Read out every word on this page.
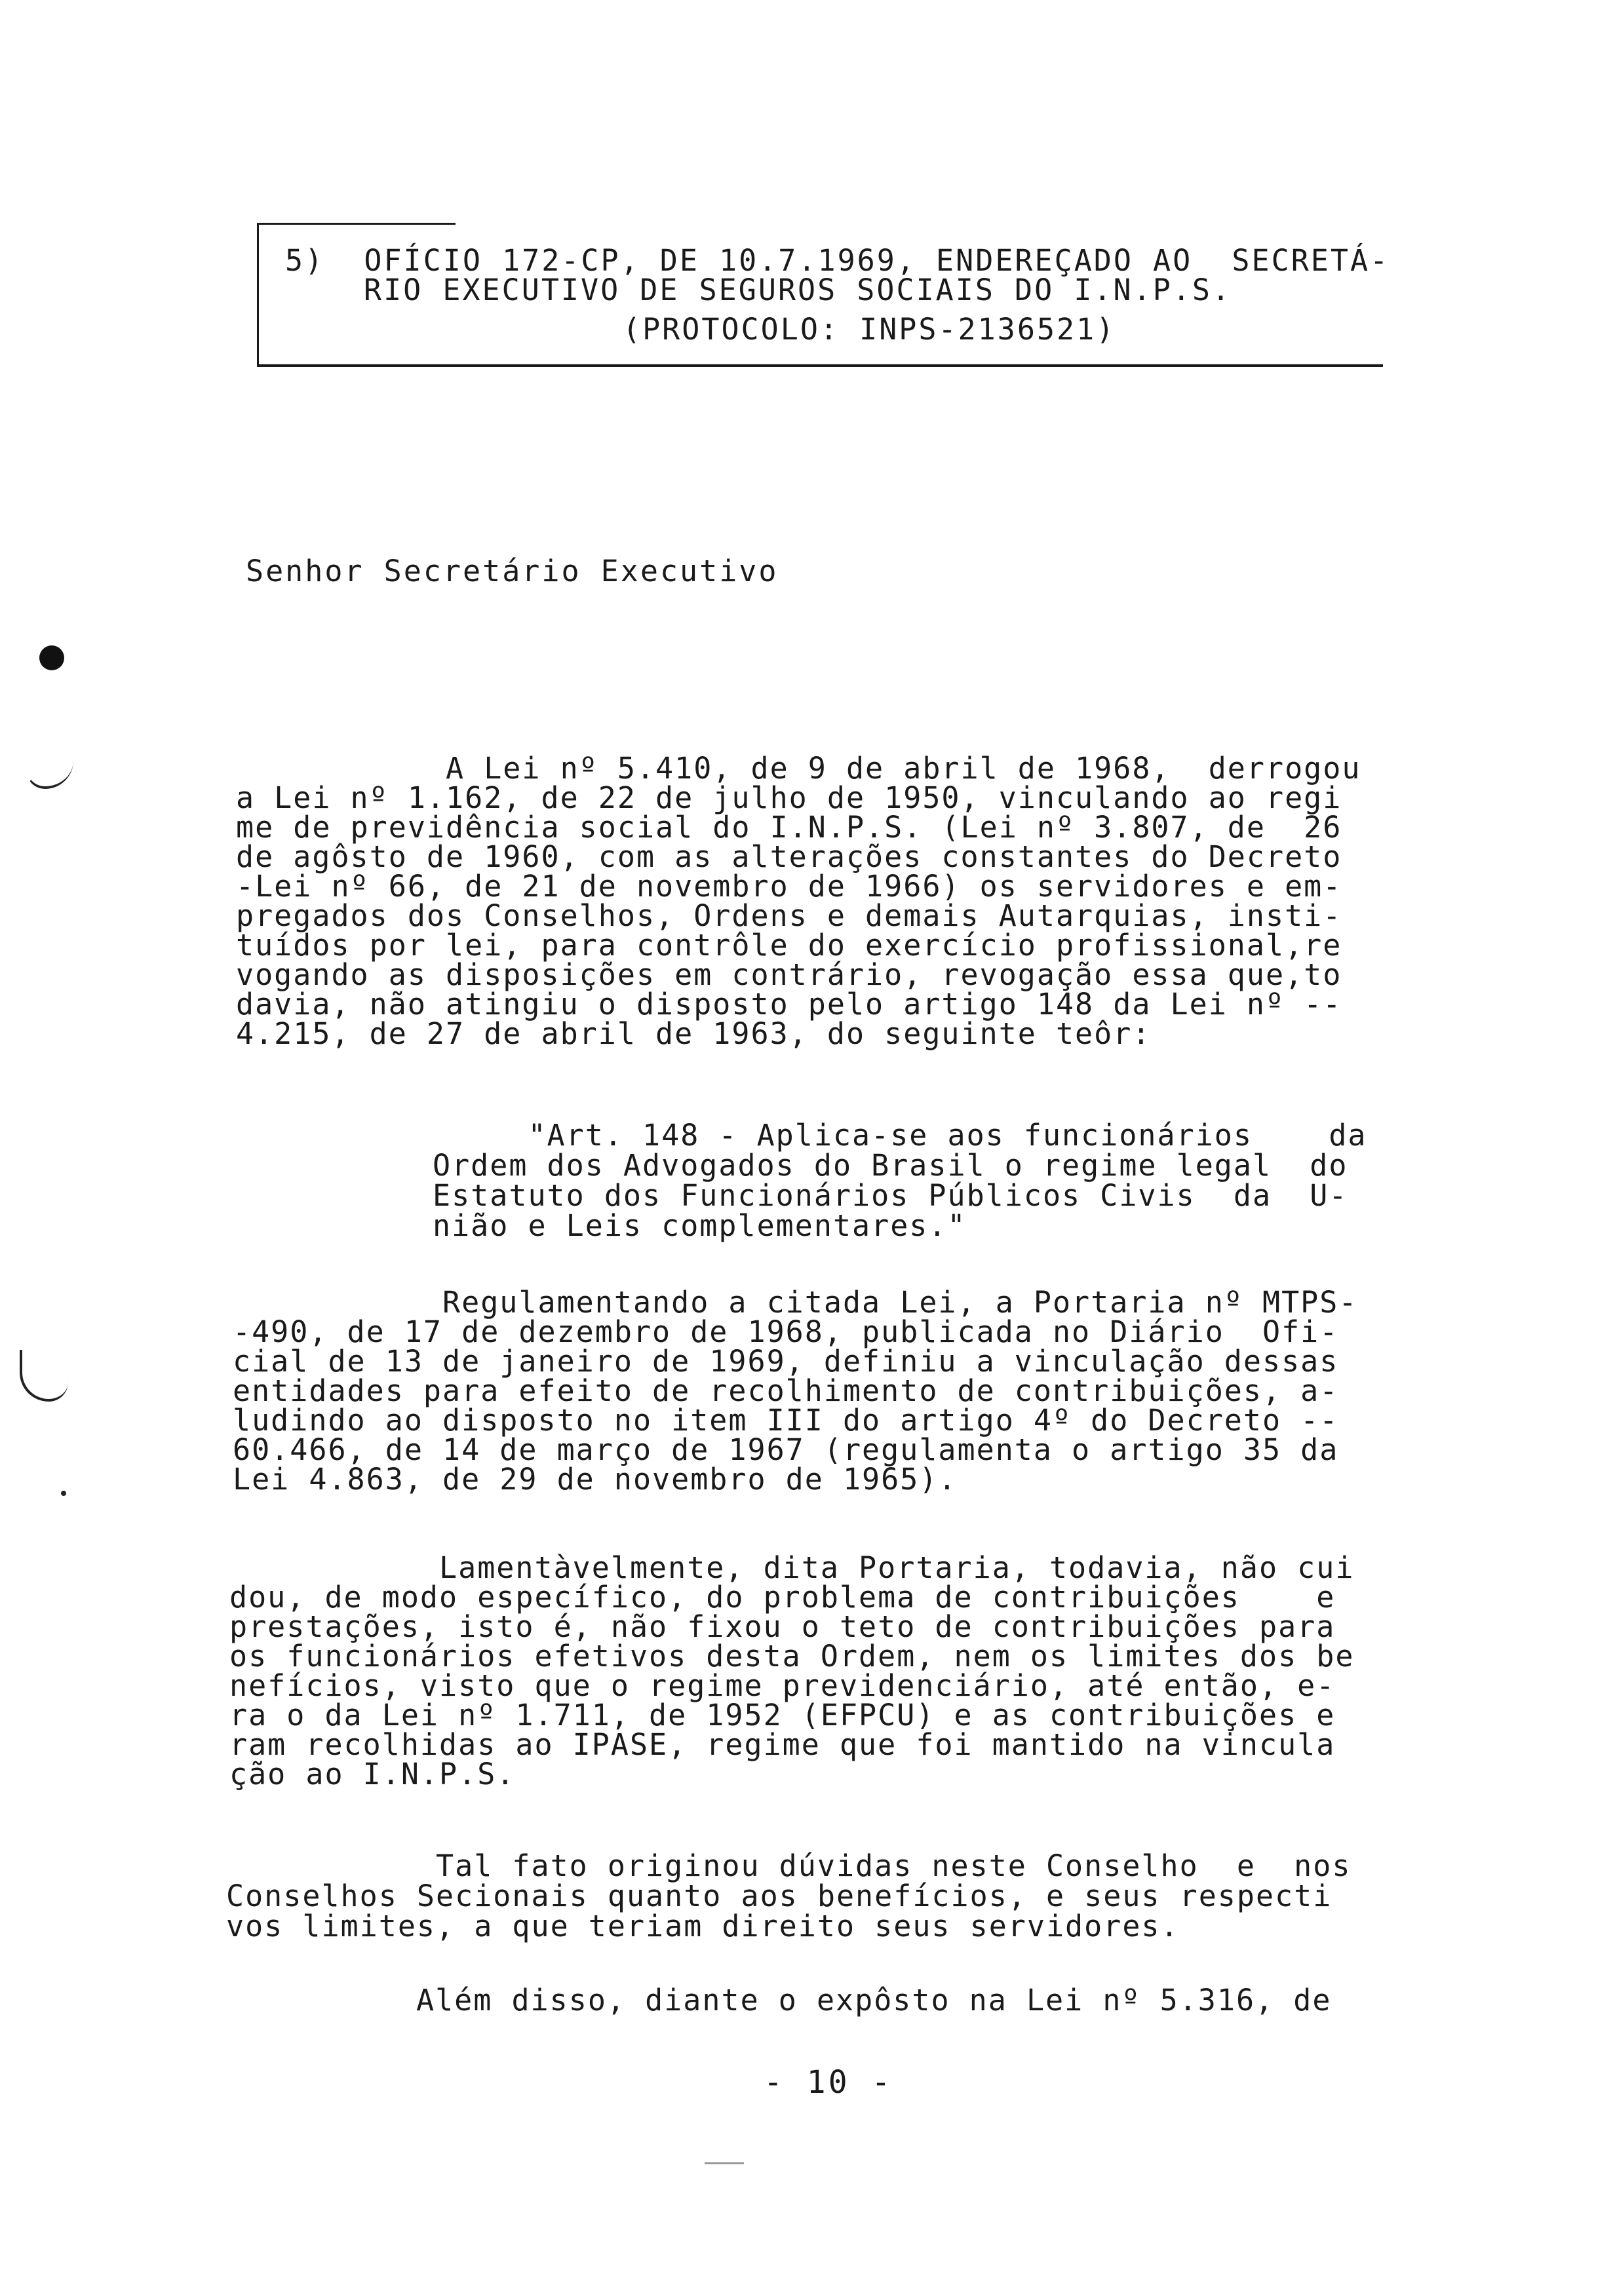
5)  OFÍCIO 172-CP, DE 10.7.1969, ENDEREÇADO AO  SECRETÁ-
RIO EXECUTIVO DE SEGUROS SOCIAIS DO I.N.P.S.
(PROTOCOLO: INPS-2136521)
Senhor Secretário Executivo
A Lei nº 5.410, de 9 de abril de 1968,  derrogou
a Lei nº 1.162, de 22 de julho de 1950, vinculando ao regi
me de previdência social do I.N.P.S. (Lei nº 3.807, de  26
de agôsto de 1960, com as alterações constantes do Decreto
-Lei nº 66, de 21 de novembro de 1966) os servidores e em-
pregados dos Conselhos, Ordens e demais Autarquias, insti-
tuídos por lei, para contrôle do exercício profissional,re
vogando as disposições em contrário, revogação essa que,to
davia, não atingiu o disposto pelo artigo 148 da Lei nº --
4.215, de 27 de abril de 1963, do seguinte teôr:
"Art. 148 - Aplica-se aos funcionários    da
Ordem dos Advogados do Brasil o regime legal  do
Estatuto dos Funcionários Públicos Civis  da  U-
nião e Leis complementares."
Regulamentando a citada Lei, a Portaria nº MTPS-
-490, de 17 de dezembro de 1968, publicada no Diário  Ofi-
cial de 13 de janeiro de 1969, definiu a vinculação dessas
entidades para efeito de recolhimento de contribuições, a-
ludindo ao disposto no item III do artigo 4º do Decreto --
60.466, de 14 de março de 1967 (regulamenta o artigo 35 da
Lei 4.863, de 29 de novembro de 1965).
Lamentàvelmente, dita Portaria, todavia, não cui
dou, de modo específico, do problema de contribuições    e
prestações, isto é, não fixou o teto de contribuições para
os funcionários efetivos desta Ordem, nem os limites dos be
nefícios, visto que o regime previdenciário, até então, e-
ra o da Lei nº 1.711, de 1952 (EFPCU) e as contribuições e
ram recolhidas ao IPASE, regime que foi mantido na vincula
ção ao I.N.P.S.
Tal fato originou dúvidas neste Conselho  e  nos
Conselhos Secionais quanto aos benefícios, e seus respecti
vos limites, a que teriam direito seus servidores.
Além disso, diante o expôsto na Lei nº 5.316, de
- 10 -
